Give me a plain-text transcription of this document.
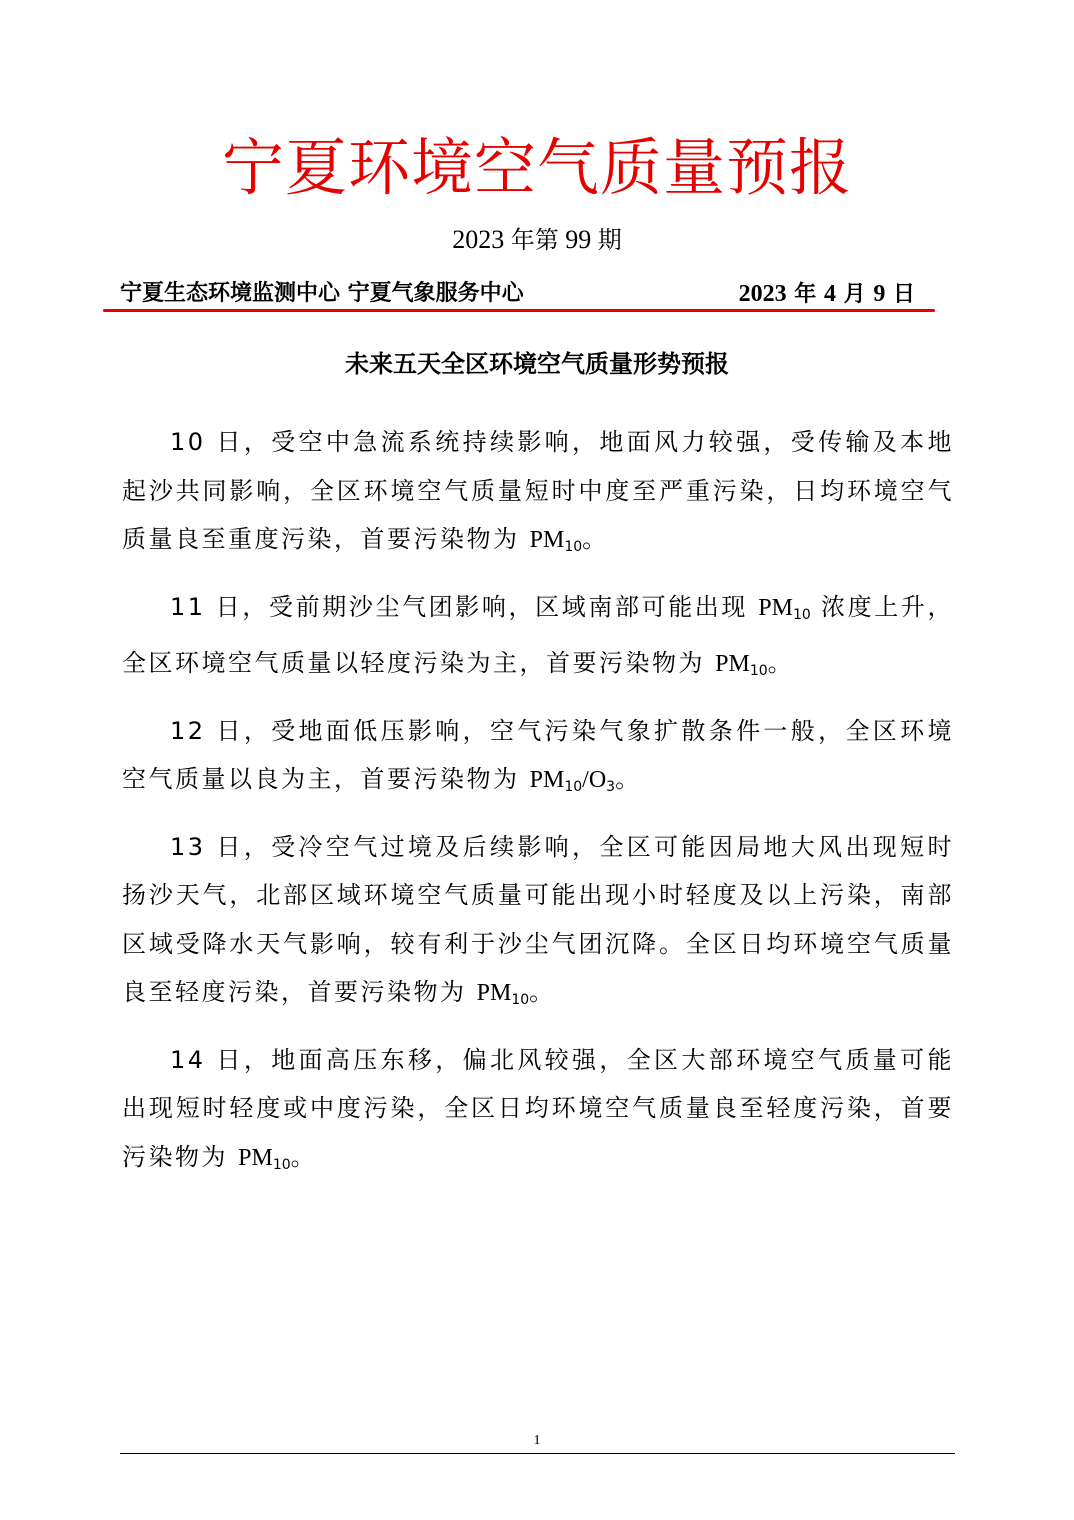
宁夏环境空气质量预报
2023 年第 99 期
宁夏生态环境监测中心 宁夏气象服务中心	2023 年 4 月 9 日
未来五天全区环境空气质量形势预报

10 日，受空中急流系统持续影响，地面风力较强，受传输及本地起沙共同影响，全区环境空气质量短时中度至严重污染，日均环境空气质量良至重度污染，首要污染物为 $PM_{10}$。

11 日，受前期沙尘气团影响，区域南部可能出现 $PM_{10}$ 浓度上升，全区环境空气质量以轻度污染为主，首要污染物为 $PM_{10}$。

12 日，受地面低压影响，空气污染气象扩散条件一般，全区环境空气质量以良为主，首要污染物为 $PM_{10}/O_3$。

13 日，受冷空气过境及后续影响，全区可能因局地大风出现短时扬沙天气，北部区域环境空气质量可能出现小时轻度及以上污染，南部区域受降水天气影响，较有利于沙尘气团沉降。全区日均环境空气质量良至轻度污染，首要污染物为 $PM_{10}$。

14 日，地面高压东移，偏北风较强，全区大部环境空气质量可能出现短时轻度或中度污染，全区日均环境空气质量良至轻度污染，首要污染物为 $PM_{10}$。

1
